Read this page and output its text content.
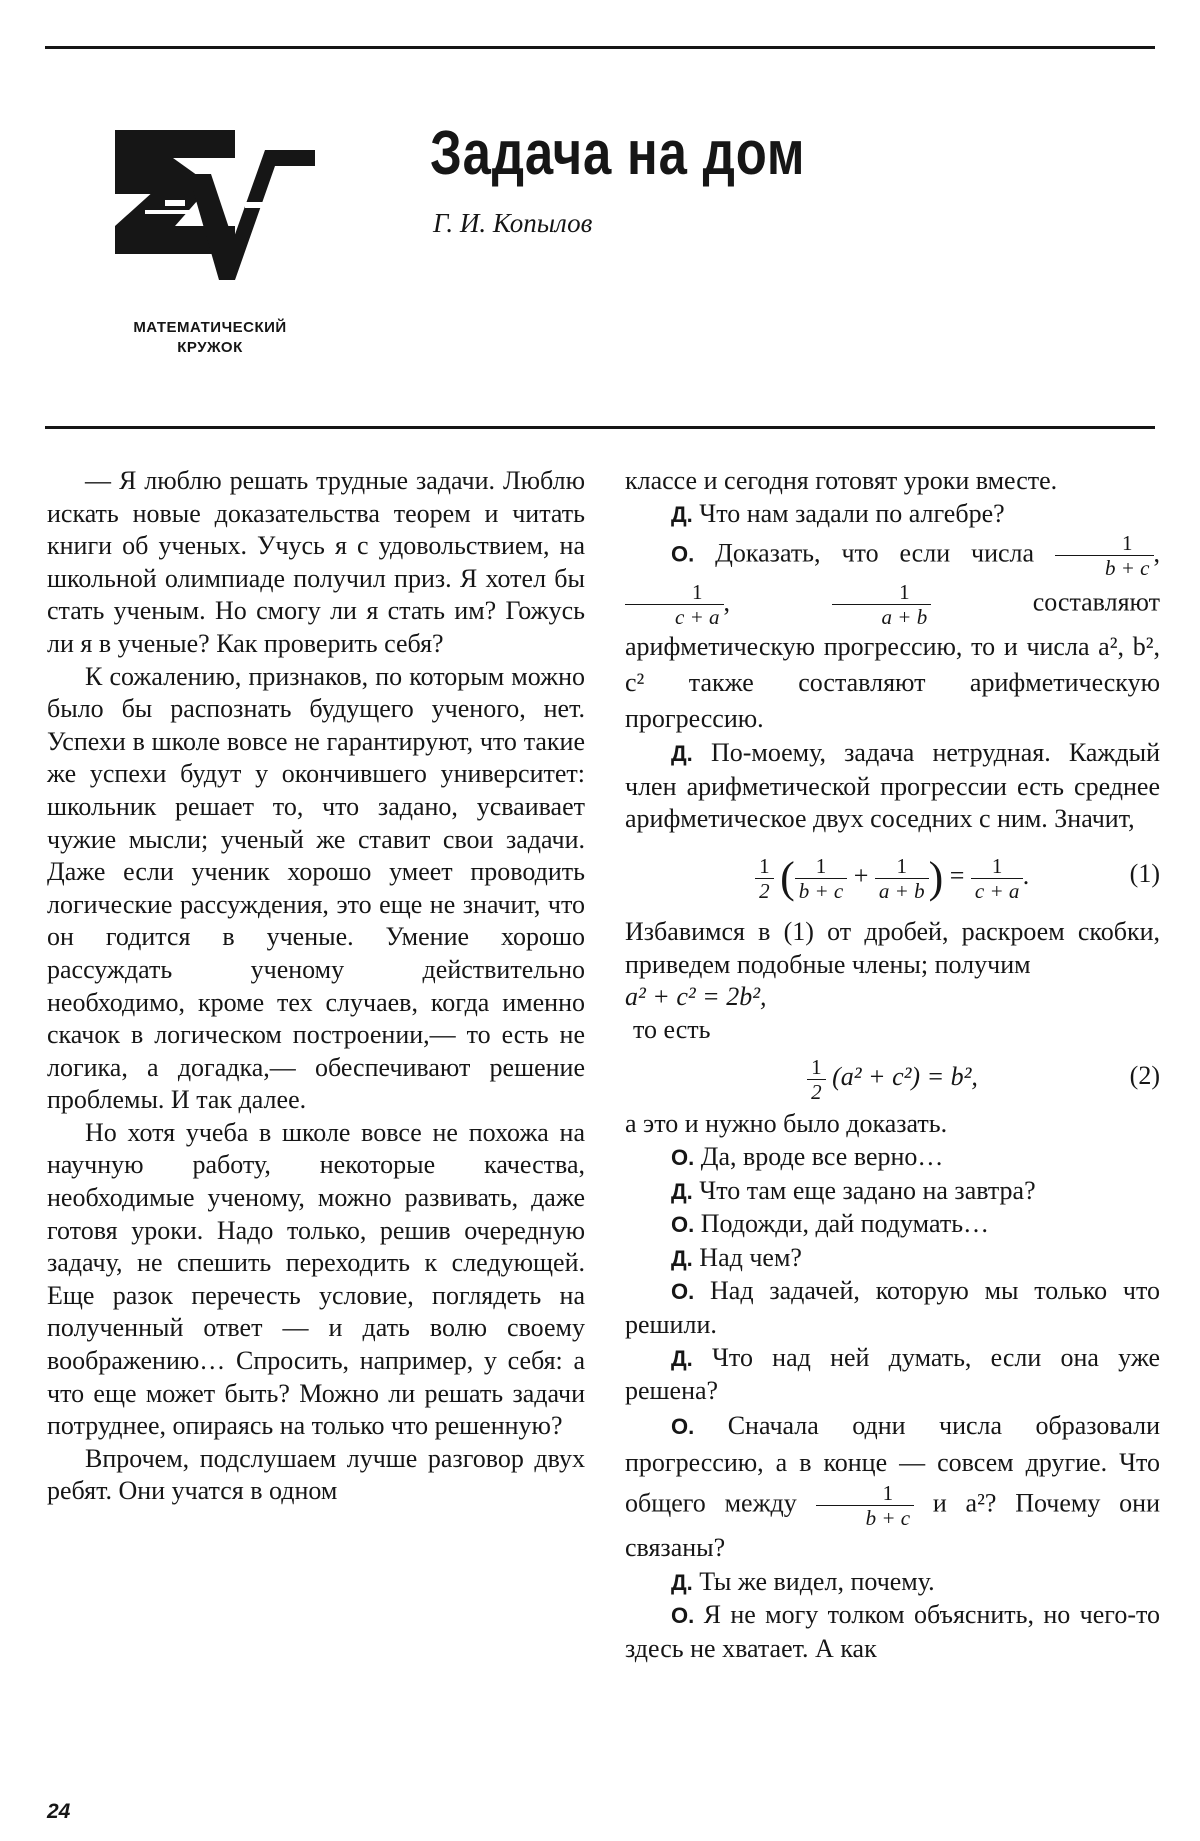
МАТЕМАТИЧЕСКИЙ
КРУЖОК
Задача на дом

Г. И. Копылов

— Я люблю решать трудные задачи. Люблю искать новые доказательства теорем и читать книги об ученых. Учусь я с удовольствием, на школьной олимпиаде получил приз. Я хотел бы стать ученым. Но смогу ли я стать им? Гожусь ли я в ученые? Как проверить себя?

К сожалению, признаков, по которым можно было бы распознать будущего ученого, нет. Успехи в школе вовсе не гарантируют, что такие же успехи будут у окончившего университет: школьник решает то, что задано, усваивает чужие мысли; ученый же ставит свои задачи. Даже если ученик хорошо умеет проводить логические рассуждения, это еще не значит, что он годится в ученые. Умение хорошо рассуждать ученому действительно необходимо, кроме тех случаев, когда именно скачок в логическом построении,— то есть не логика, а догадка,— обеспечивают решение проблемы. И так далее.

Но хотя учеба в школе вовсе не похожа на научную работу, некоторые качества, необходимые ученому, можно развивать, даже готовя уроки. Надо только, решив очередную задачу, не спешить переходить к следующей. Еще разок перечесть условие, поглядеть на полученный ответ — и дать волю своему воображению… Спросить, например, у себя: а что еще может быть? Можно ли решать задачи потруднее, опираясь на только что решенную?

Впрочем, подслушаем лучше разговор двух ребят. Они учатся в одном

классе и сегодня готовят уроки вместе.

Д. Что нам задали по алгебре?

О. Доказать, что если числа $\frac{1}{b + c}$ ,
$\frac{1}{c + a}$ , $\frac{1}{a + b}$	составляют арифметическую прогрессию, то и числа a², b², c² также составляют арифметическую прогрессию.

Д. По-моему, задача нетрудная. Каждый член арифметической прогрессии есть среднее арифметическое двух соседних с ним. Значит,

$\frac{1}{2}$ ( $\frac{1}{b + c} + \frac{1}{a + b}$ ) = $\frac{1}{c + a}$ .	(1)

Избавимся в (1) от дробей, раскроем скобки, приведем подобные члены; получим

a² + c² = 2b²,

то есть

$\frac{1}{2} (a^2 + c^2) = b^2$,	(2)

а это и нужно было доказать.

О. Да, вроде все верно…

Д. Что там еще задано на завтра?

О. Подожди, дай подумать…

Д. Над чем?

О. Над задачей, которую мы только что решили.

Д. Что над ней думать, если она уже решена?

О. Сначала одни числа образовали прогрессию, а в конце — совсем другие. Что общего между $\frac{1}{b + c}$ и a²? Почему они связаны?

Д. Ты же видел, почему.

О. Я не могу толком объяснить, но чего-то здесь не хватает. А как

24
